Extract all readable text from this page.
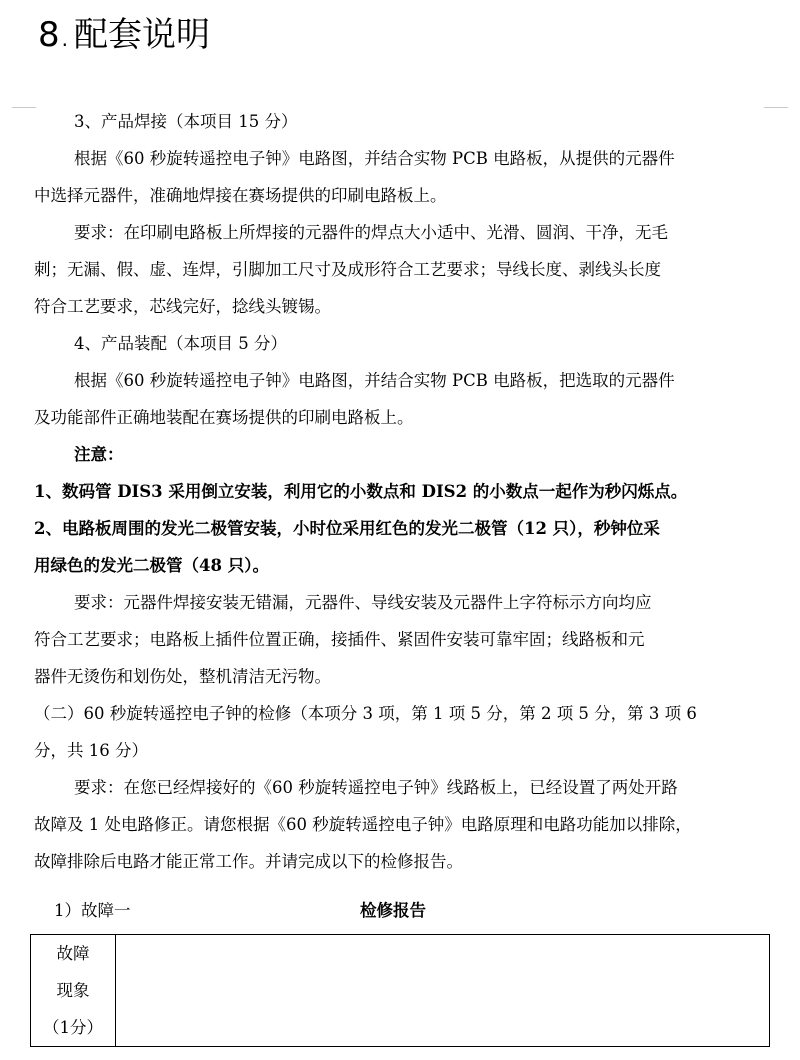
8 . 配套说明

3、产品焊接（本项目 15 分）

根据《60 秒旋转遥控电子钟》电路图，并结合实物 PCB 电路板，从提供的元器件

中选择元器件，准确地焊接在赛场提供的印刷电路板上。

要求：在印刷电路板上所焊接的元器件的焊点大小适中、光滑、圆润、干净，无毛

刺；无漏、假、虚、连焊，引脚加工尺寸及成形符合工艺要求；导线长度、剥线头长度

符合工艺要求，芯线完好，捻线头镀锡。

4、产品装配（本项目 5 分）

根据《60 秒旋转遥控电子钟》电路图，并结合实物 PCB 电路板，把选取的元器件

及功能部件正确地装配在赛场提供的印刷电路板上。

注意：

1、数码管 DIS3 采用倒立安装，利用它的小数点和 DIS2 的小数点一起作为秒闪烁点。

2、电路板周围的发光二极管安装，小时位采用红色的发光二极管（12 只），秒钟位采

用绿色的发光二极管（48 只）。

要求：元器件焊接安装无错漏，元器件、导线安装及元器件上字符标示方向均应

符合工艺要求；电路板上插件位置正确，接插件、紧固件安装可靠牢固；线路板和元

器件无烫伤和划伤处，整机清洁无污物。

（二）60 秒旋转遥控电子钟的检修（本项分 3 项，第 1 项 5 分，第 2 项 5 分，第 3 项 6

分，共 16 分）

要求：在您已经焊接好的《60 秒旋转遥控电子钟》线路板上，已经设置了两处开路

故障及 1 处电路修正。请您根据《60 秒旋转遥控电子钟》电路原理和电路功能加以排除，

故障排除后电路才能正常工作。并请完成以下的检修报告。

1）故障一	检修报告
故障
现象
（1分）
